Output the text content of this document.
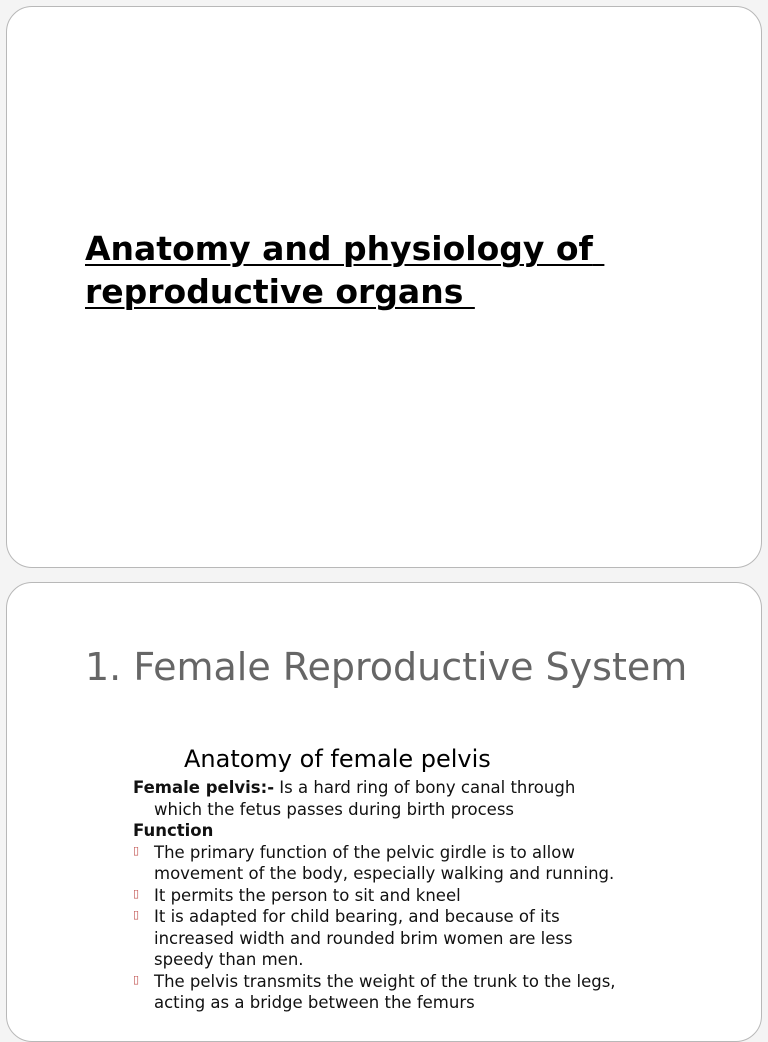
Anatomy and physiology of reproductive organs
1. Female Reproductive System
Anatomy of female pelvis
Female pelvis:- Is a hard ring of bony canal through which the fetus passes during birth process
Function
▯ The primary function of the pelvic girdle is to allow movement of the body, especially walking and running.
▯ It permits the person to sit and kneel
▯ It is adapted for child bearing, and because of its increased width and rounded brim women are less speedy than men.
▯ The pelvis transmits the weight of the trunk to the legs, acting as a bridge between the femurs
